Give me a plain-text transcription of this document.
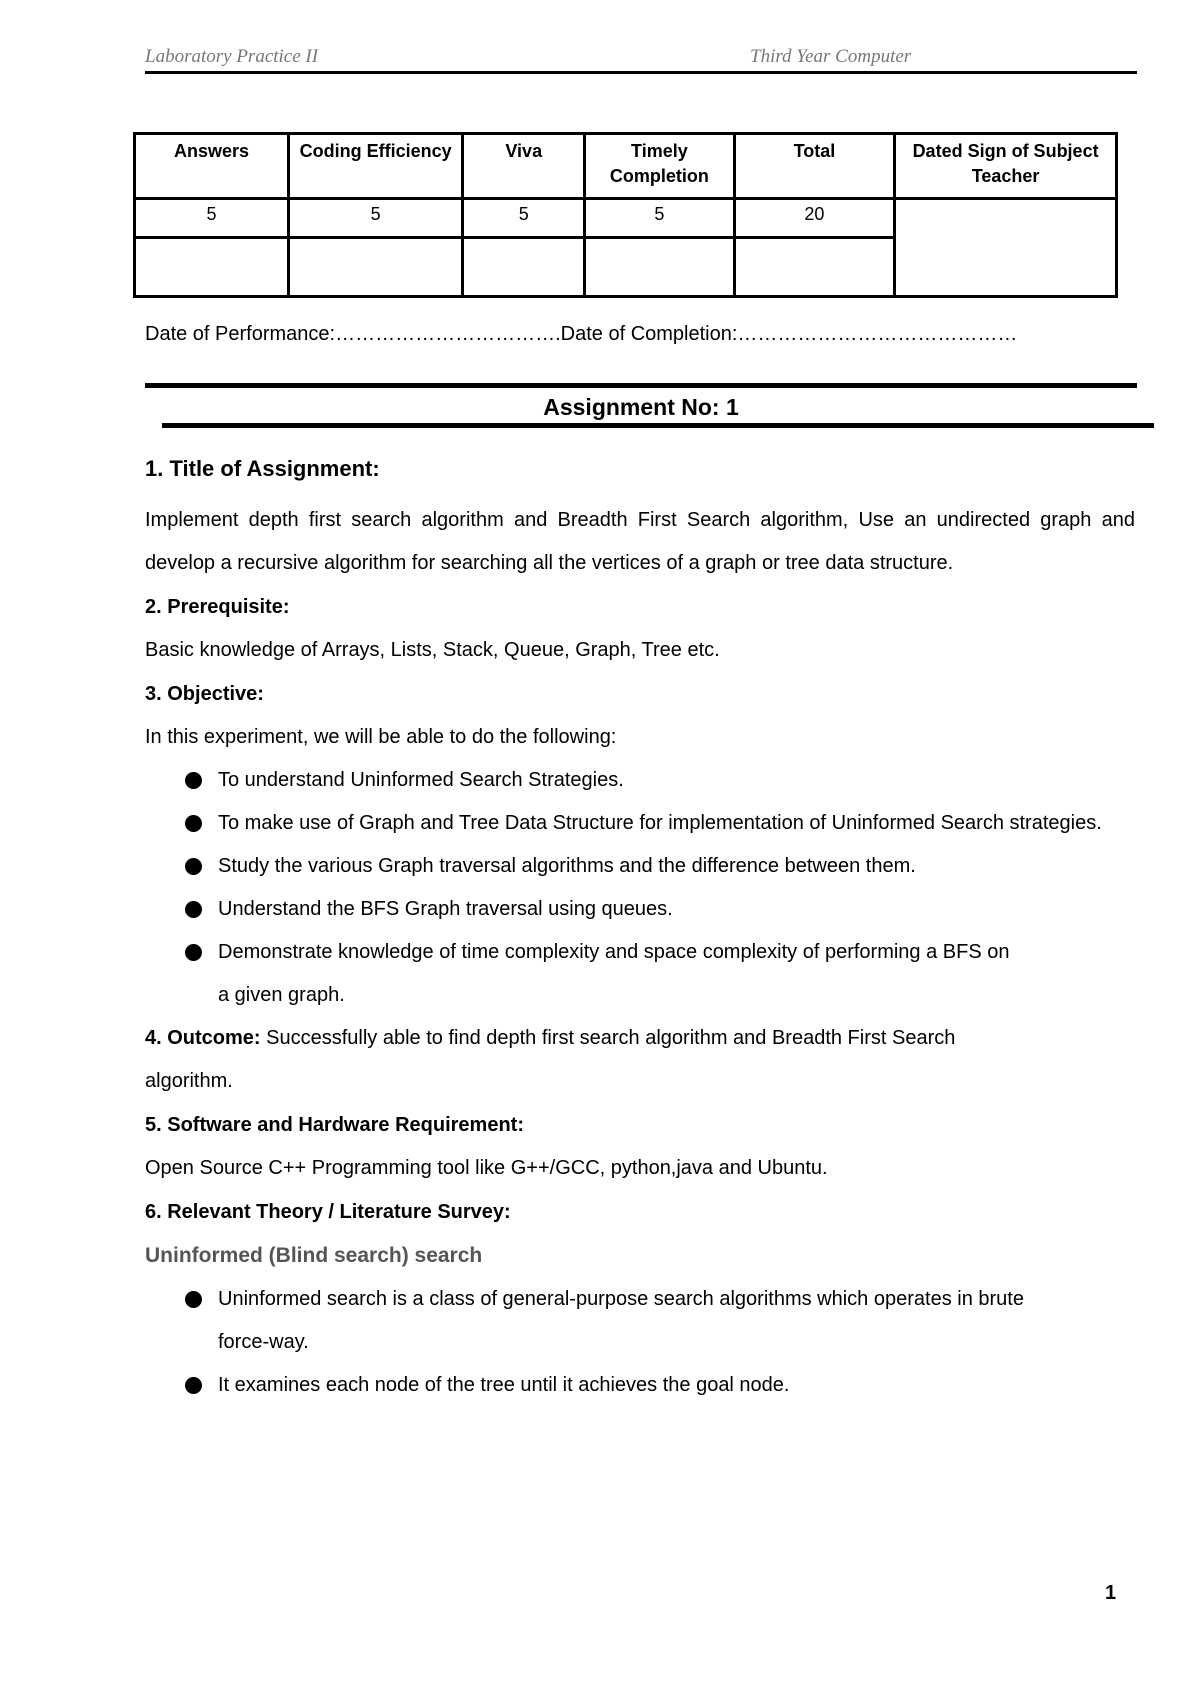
Laboratory Practice II	Third Year Computer
Answers	Coding Efficiency	Viva	Timely Completion	Total	Dated Sign of Subject Teacher
5	5	5	5	20	

Date of Performance:…………………………….Date of Completion:……………………………………
Assignment No: 1
1. Title of Assignment:
Implement depth first search algorithm and Breadth First Search algorithm, Use an undirected graph and develop a recursive algorithm for searching all the vertices of a graph or tree data structure.
2. Prerequisite:
Basic knowledge of Arrays, Lists, Stack, Queue, Graph, Tree etc.
3. Objective:
In this experiment, we will be able to do the following:
To understand Uninformed Search Strategies.
To make use of Graph and Tree Data Structure for implementation of Uninformed Search strategies.
Study the various Graph traversal algorithms and the difference between them.
Understand the BFS Graph traversal using queues.
Demonstrate knowledge of time complexity and space complexity of performing a BFS on a given graph.
4. Outcome: Successfully able to find depth first search algorithm and Breadth First Search algorithm.
5. Software and Hardware Requirement:
Open Source C++ Programming tool like G++/GCC, python,java and Ubuntu.
6. Relevant Theory / Literature Survey:
Uninformed (Blind search) search
Uninformed search is a class of general-purpose search algorithms which operates in brute force-way.
It examines each node of the tree until it achieves the goal node.
1
